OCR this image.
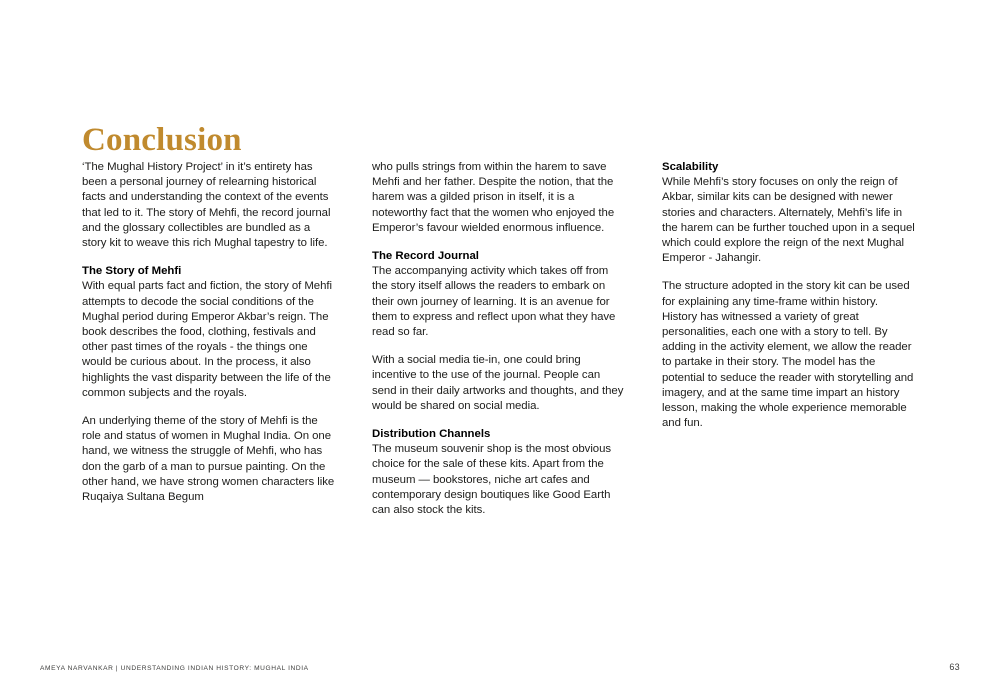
Conclusion

‘The Mughal History Project’ in it’s entirety has been a personal journey of relearning historical facts and understanding the context of the events that led to it. The story of Mehfi, the record journal and the glossary collectibles are bundled as a story kit to weave this rich Mughal tapestry to life.

The Story of Mehfi

With equal parts fact and fiction, the story of Mehfi attempts to decode the social conditions of the Mughal period during Emperor Akbar’s reign. The book describes the food, clothing, festivals and other past times of the royals - the things one would be curious about. In the process, it also highlights the vast disparity between the life of the common subjects and the royals.

An underlying theme of the story of Mehfi is the role and status of women in Mughal India. On one hand, we witness the struggle of Mehfi, who has don the garb of a man to pursue painting. On the other hand, we have strong women characters like Ruqaiya Sultana Begum

who pulls strings from within the harem to save Mehfi and her father. Despite the notion, that the harem was a gilded prison in itself, it is a noteworthy fact that the women who enjoyed the Emperor’s favour wielded enormous influence.

The Record Journal

The accompanying activity which takes off from the story itself allows the readers to embark on their own journey of learning. It is an avenue for them to express and reflect upon what they have read so far.

With a social media tie-in, one could bring incentive to the use of the journal. People can send in their daily artworks and thoughts, and they would be shared on social media.

Distribution Channels

The museum souvenir shop is the most obvious choice for the sale of these kits. Apart from the museum — bookstores, niche art cafes and contemporary design boutiques like Good Earth can also stock the kits.

Scalability

While Mehfi’s story focuses on only the reign of Akbar, similar kits can be designed with newer stories and characters. Alternately, Mehfi’s life in the harem can be further touched upon in a sequel which could explore the reign of the next Mughal Emperor - Jahangir.

The structure adopted in the story kit can be used for explaining any time-frame within history. History has witnessed a variety of great personalities, each one with a story to tell. By adding in the activity element, we allow the reader to partake in their story. The model has the potential to seduce the reader with storytelling and imagery, and at the same time impart an history lesson, making the whole experience memorable and fun.

AMEYA NARVANKAR | UNDERSTANDING INDIAN HISTORY: MUGHAL INDIA	63
